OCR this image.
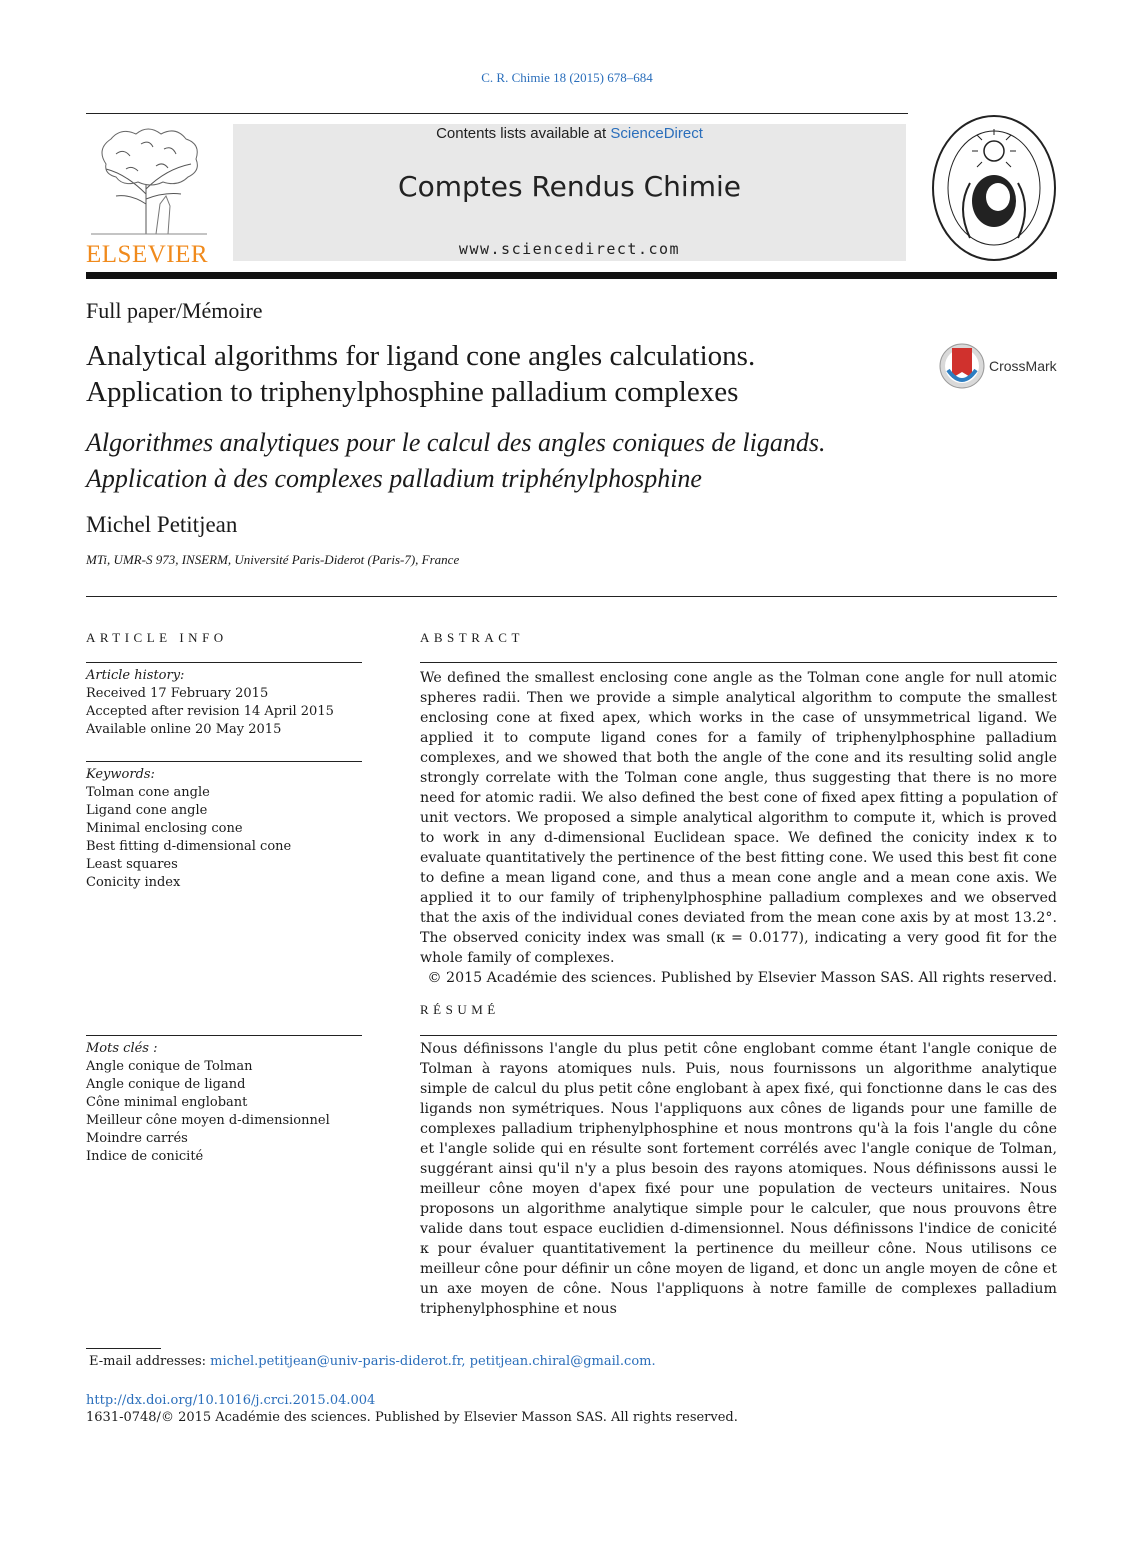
C. R. Chimie 18 (2015) 678–684
ELSEVIER
Contents lists available at ScienceDirect
Comptes Rendus Chimie
www.sciencedirect.com
Full paper/Mémoire
Analytical algorithms for ligand cone angles calculations.
Application to triphenylphosphine palladium complexes
CrossMark
Algorithmes analytiques pour le calcul des angles coniques de ligands.
Application à des complexes palladium triphénylphosphine
Michel Petitjean
MTi, UMR-S 973, INSERM, Université Paris-Diderot (Paris-7), France
ARTICLE INFO	ABSTRACT
Article history:
Received 17 February 2015
Accepted after revision 14 April 2015
Available online 20 May 2015
Keywords:
Tolman cone angle
Ligand cone angle
Minimal enclosing cone
Best fitting d-dimensional cone
Least squares
Conicity index
We defined the smallest enclosing cone angle as the Tolman cone angle for null atomic spheres radii. Then we provide a simple analytical algorithm to compute the smallest enclosing cone at fixed apex, which works in the case of unsymmetrical ligand. We applied it to compute ligand cones for a family of triphenylphosphine palladium complexes, and we showed that both the angle of the cone and its resulting solid angle strongly correlate with the Tolman cone angle, thus suggesting that there is no more need for atomic radii. We also defined the best cone of fixed apex fitting a population of unit vectors. We proposed a simple analytical algorithm to compute it, which is proved to work in any d-dimensional Euclidean space. We defined the conicity index κ to evaluate quantitatively the pertinence of the best fitting cone. We used this best fit cone to define a mean ligand cone, and thus a mean cone angle and a mean cone axis. We applied it to our family of triphenylphosphine palladium complexes and we observed that the axis of the individual cones deviated from the mean cone axis by at most 13.2°. The observed conicity index was small (κ = 0.0177), indicating a very good fit for the whole family of complexes.
© 2015 Académie des sciences. Published by Elsevier Masson SAS. All rights reserved.
RÉSUMÉ
Mots clés :
Angle conique de Tolman
Angle conique de ligand
Cône minimal englobant
Meilleur cône moyen d-dimensionnel
Moindre carrés
Indice de conicité
Nous définissons l'angle du plus petit cône englobant comme étant l'angle conique de Tolman à rayons atomiques nuls. Puis, nous fournissons un algorithme analytique simple de calcul du plus petit cône englobant à apex fixé, qui fonctionne dans le cas des ligands non symétriques. Nous l'appliquons aux cônes de ligands pour une famille de complexes palladium triphenylphosphine et nous montrons qu'à la fois l'angle du cône et l'angle solide qui en résulte sont fortement corrélés avec l'angle conique de Tolman, suggérant ainsi qu'il n'y a plus besoin des rayons atomiques. Nous définissons aussi le meilleur cône moyen d'apex fixé pour une population de vecteurs unitaires. Nous proposons un algorithme analytique simple pour le calculer, que nous prouvons être valide dans tout espace euclidien d-dimensionnel. Nous définissons l'indice de conicité κ pour évaluer quantitativement la pertinence du meilleur cône. Nous utilisons ce meilleur cône pour définir un cône moyen de ligand, et donc un angle moyen de cône et un axe moyen de cône. Nous l'appliquons à notre famille de complexes palladium triphenylphosphine et nous
E-mail addresses: michel.petitjean@univ-paris-diderot.fr, petitjean.chiral@gmail.com.
http://dx.doi.org/10.1016/j.crci.2015.04.004
1631-0748/© 2015 Académie des sciences. Published by Elsevier Masson SAS. All rights reserved.
